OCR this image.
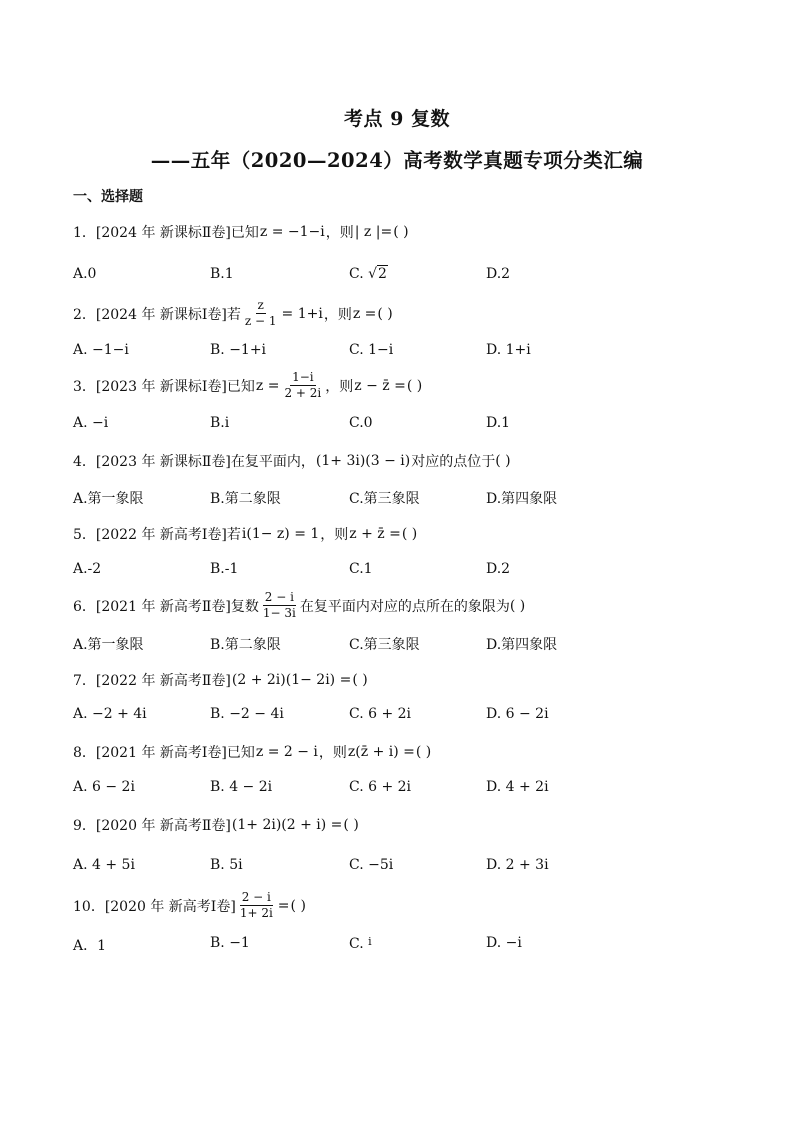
考点 9 复数
——五年（2020—2024）高考数学真题专项分类汇编
一、选择题
1．[2024 年 新课标Ⅱ卷]已知 z = −1−i ，则 | z |= ( )
A.0	B.1	C. √2	D.2
2．[2024 年 新课标Ⅰ卷]若 $\frac{z}{z - 1} = 1+i$ ，则 z = ( )
A. −1−i	B. −1+i	C. 1−i	D. 1+i
3．[2023 年 新课标Ⅰ卷]已知 $z = \frac{1-i}{2 + 2i}$ ，则 z − z̄ = ( )
A. −i	B.i	C.0	D.1
4．[2023 年 新课标Ⅱ卷]在复平面内， (1+ 3i)(3 − i) 对应的点位于 ( )
A.第一象限	B.第二象限	C.第三象限	D.第四象限
5．[2022 年 新高考Ⅰ卷]若 i(1− z) = 1 ，则 z + z̄ = ( )
A.-2	B.-1	C.1	D.2
6．[2021 年 新高考Ⅱ卷]复数 $\frac{2 - i}{1- 3i}$ 在复平面内对应的点所在的象限为 ( )
A.第一象限	B.第二象限	C.第三象限	D.第四象限
7．[2022 年 新高考Ⅱ卷] (2 + 2i)(1− 2i) = ( )
A. −2 + 4i	B. −2 − 4i	C. 6 + 2i	D. 6 − 2i
8．[2021 年 新高考Ⅰ卷]已知 z = 2 − i ，则 z(z̄ + i) = ( )
A. 6 − 2i	B. 4 − 2i	C. 6 + 2i	D. 4 + 2i
9．[2020 年 新高考Ⅱ卷] (1+ 2i)(2 + i) = ( )
A. 4 + 5i	B. 5i	C. −5i	D. 2 + 3i
10．[2020 年 新高考Ⅰ卷] $\frac{2 - i}{1+ 2i}$ = ( )
A．1	B. −1	C. $^i$	D. −i
